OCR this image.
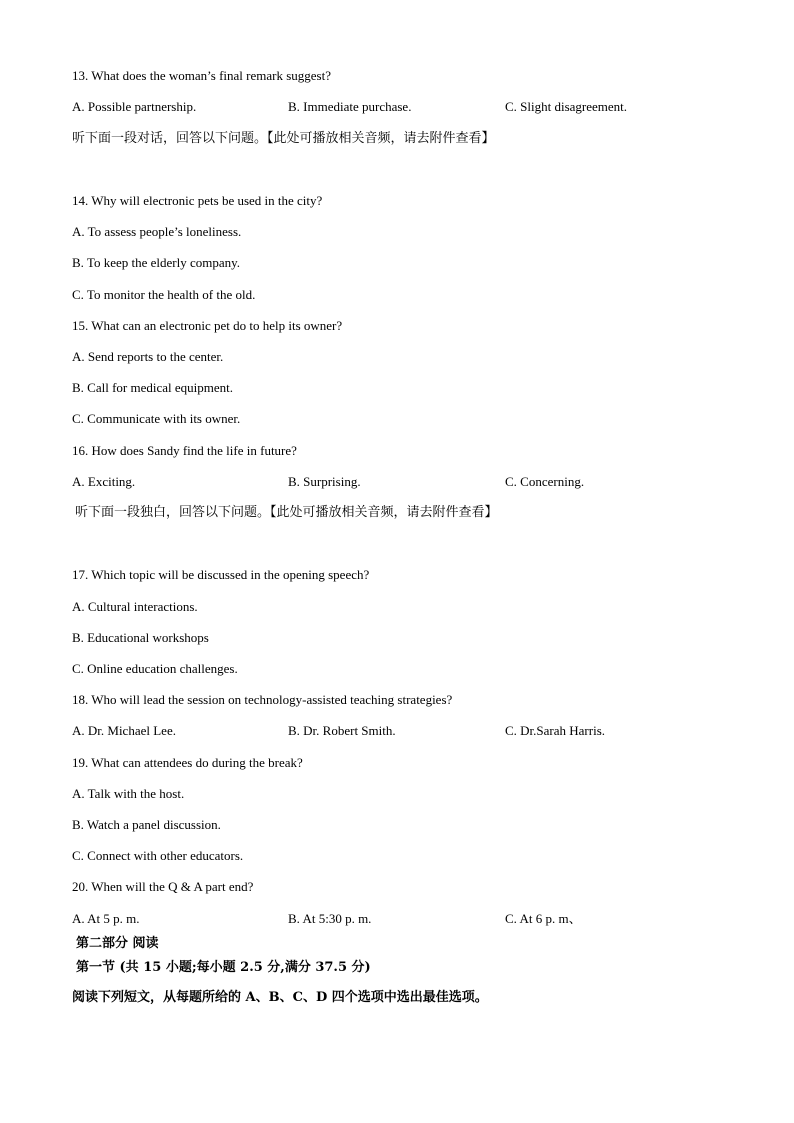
13. What does the woman’s final remark suggest?
A. Possible partnership.	B. Immediate purchase.	C. Slight disagreement.
听下面一段对话，回答以下问题。【此处可播放相关音频，请去附件查看】
14. Why will electronic pets be used in the city?
A. To assess people’s loneliness.
B. To keep the elderly company.
C. To monitor the health of the old.
15. What can an electronic pet do to help its owner?
A. Send reports to the center.
B. Call for medical equipment.
C. Communicate with its owner.
16. How does Sandy find the life in future?
A. Exciting.	B. Surprising.	C. Concerning.
听下面一段独白，回答以下问题。【此处可播放相关音频，请去附件查看】
17. Which topic will be discussed in the opening speech?
A. Cultural interactions.
B. Educational workshops
C. Online education challenges.
18. Who will lead the session on technology-assisted teaching strategies?
A. Dr. Michael Lee.	B. Dr. Robert Smith.	C. Dr.Sarah Harris.
19. What can attendees do during the break?
A. Talk with the host.
B. Watch a panel discussion.
C. Connect with other educators.
20. When will the Q & A part end?
A. At 5 p. m.	B. At 5:30 p. m.	C. At 6 p. m、
第二部分 阅读
第一节 (共 15 小题;每小题 2.5 分,满分 37.5 分)
阅读下列短文，从每题所给的 A、B、C、D 四个选项中选出最佳选项。
